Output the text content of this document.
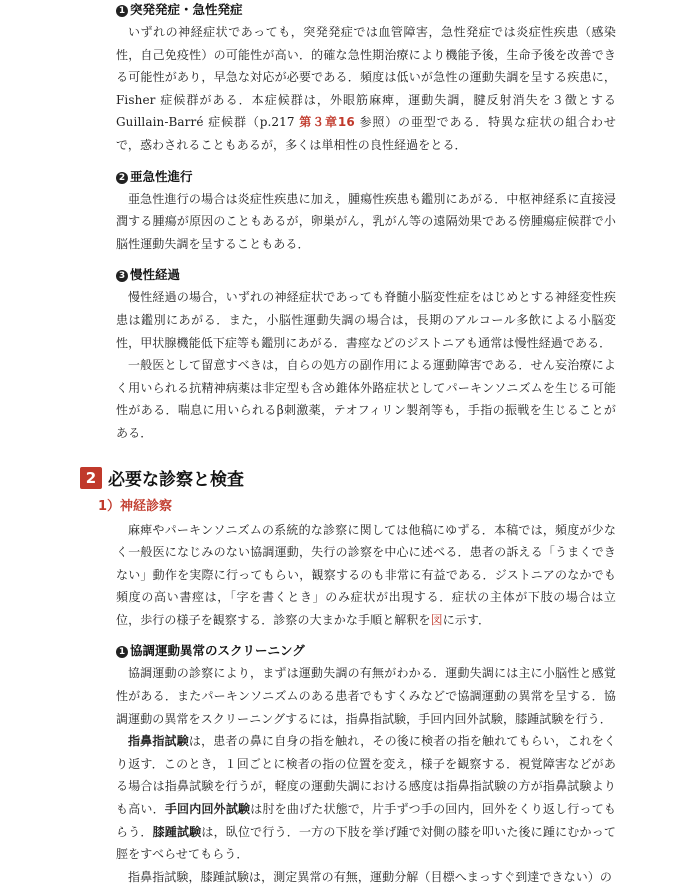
1 突発発症・急性発症

いずれの神経症状であっても，突発発症では血管障害，急性発症では炎症性疾患（感染性，自己免疫性）の可能性が高い．的確な急性期治療により機能予後，生命予後を改善できる可能性があり，早急な対応が必要である．頻度は低いが急性の運動失調を呈する疾患に，Fisher 症候群がある．本症候群は，外眼筋麻痺，運動失調，腱反射消失を３徴とするGuillain-Barré 症候群（p.217 第３章16 参照）の亜型である．特異な症状の組合わせで，惑わされることもあるが，多くは単相性の良性経過をとる．

2 亜急性進行

亜急性進行の場合は炎症性疾患に加え，腫瘍性疾患も鑑別にあがる．中枢神経系に直接浸潤する腫瘍が原因のこともあるが，卵巣がん，乳がん等の遠隔効果である傍腫瘍症候群で小脳性運動失調を呈することもある．

3 慢性経過

慢性経過の場合，いずれの神経症状であっても脊髄小脳変性症をはじめとする神経変性疾患は鑑別にあがる．また，小脳性運動失調の場合は，長期のアルコール多飲による小脳変性，甲状腺機能低下症等も鑑別にあがる．書痙などのジストニアも通常は慢性経過である．

一般医として留意すべきは，自らの処方の副作用による運動障害である．せん妄治療によく用いられる抗精神病薬は非定型も含め錐体外路症状としてパーキンソニズムを生じる可能性がある．喘息に用いられるβ刺激薬，テオフィリン製剤等も，手指の振戦を生じることがある．

2 必要な診察と検査
1）神経診察

麻痺やパーキンソニズムの系統的な診察に関しては他稿にゆずる．本稿では，頻度が少なく一般医になじみのない協調運動，失行の診察を中心に述べる．患者の訴える「うまくできない」動作を実際に行ってもらい，観察するのも非常に有益である．ジストニアのなかでも頻度の高い書痙は，「字を書くとき」のみ症状が出現する．症状の主体が下肢の場合は立位，歩行の様子を観察する．診察の大まかな手順と解釈を図に示す．

1 協調運動異常のスクリーニング

協調運動の診察により，まずは運動失調の有無がわかる．運動失調には主に小脳性と感覚性がある．またパーキンソニズムのある患者でもすくみなどで協調運動の異常を呈する．協調運動の異常をスクリーニングするには，指鼻指試験，手回内回外試験，膝踵試験を行う．

指鼻指試験は，患者の鼻に自身の指を触れ，その後に検者の指を触れてもらい，これをくり返す．このとき，１回ごとに検者の指の位置を変え，様子を観察する．視覚障害などがある場合は指鼻試験を行うが，軽度の運動失調における感度は指鼻指試験の方が指鼻試験よりも高い．手回内回外試験は肘を曲げた状態で，片手ずつ手の回内，回外をくり返し行ってもらう．膝踵試験は，臥位で行う．一方の下肢を挙げ踵で対側の膝を叩いた後に踵にむかって脛をすべらせてもらう．

指鼻指試験，膝踵試験は，測定異常の有無，運動分解（目標へまっすぐ到達できない）の
